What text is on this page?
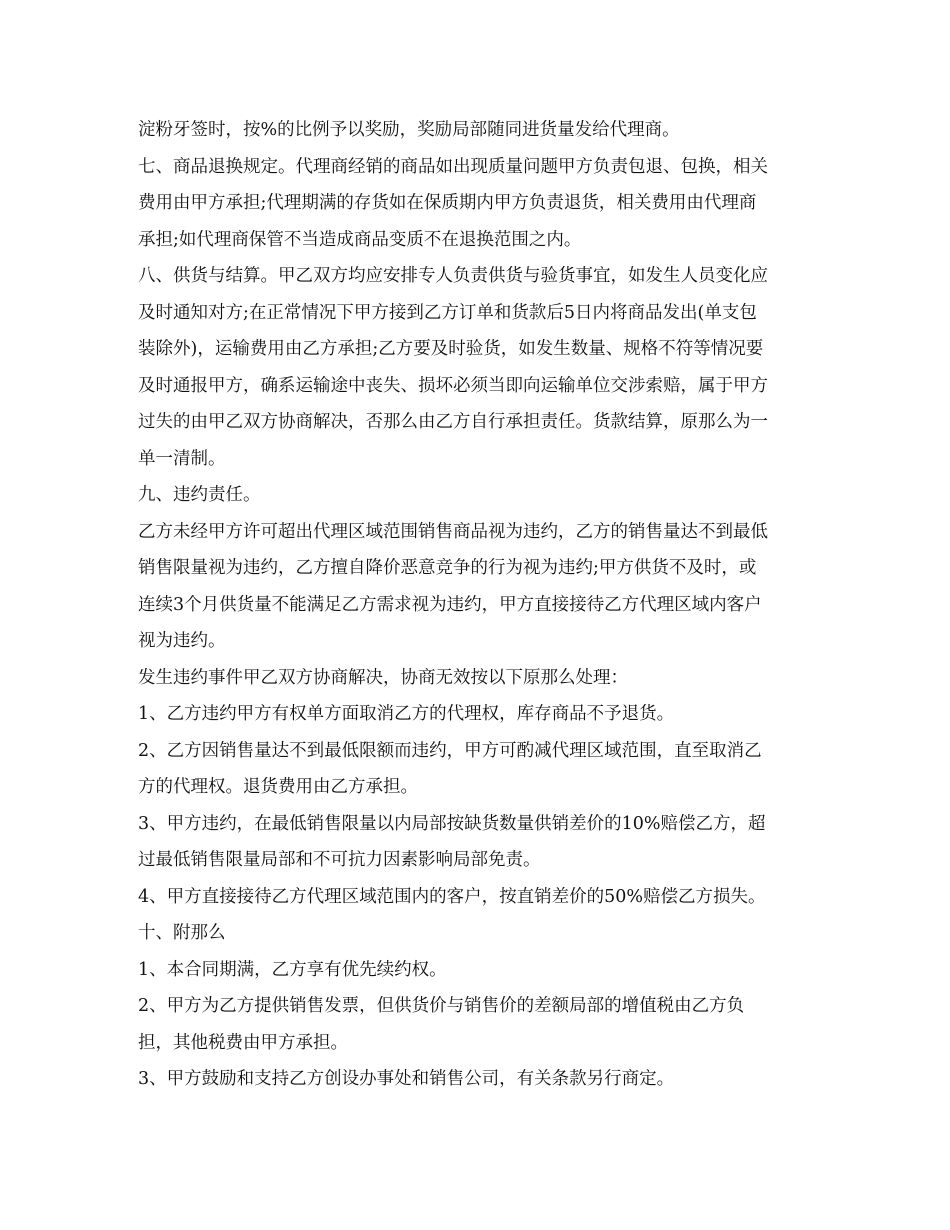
淀粉牙签时，按%的比例予以奖励，奖励局部随同进货量发给代理商。
七、商品退换规定。代理商经销的商品如出现质量问题甲方负责包退、包换，相关
费用由甲方承担;代理期满的存货如在保质期内甲方负责退货，相关费用由代理商
承担;如代理商保管不当造成商品变质不在退换范围之内。
八、供货与结算。甲乙双方均应安排专人负责供货与验货事宜，如发生人员变化应
及时通知对方;在正常情况下甲方接到乙方订单和货款后5日内将商品发出(单支包
装除外)，运输费用由乙方承担;乙方要及时验货，如发生数量、规格不符等情况要
及时通报甲方，确系运输途中丧失、损坏必须当即向运输单位交涉索赔，属于甲方
过失的由甲乙双方协商解决，否那么由乙方自行承担责任。货款结算，原那么为一
单一清制。
九、违约责任。
乙方未经甲方许可超出代理区域范围销售商品视为违约，乙方的销售量达不到最低
销售限量视为违约，乙方擅自降价恶意竞争的行为视为违约;甲方供货不及时，或
连续3个月供货量不能满足乙方需求视为违约，甲方直接接待乙方代理区域内客户
视为违约。
发生违约事件甲乙双方协商解决，协商无效按以下原那么处理：
1、乙方违约甲方有权单方面取消乙方的代理权，库存商品不予退货。
2、乙方因销售量达不到最低限额而违约，甲方可酌减代理区域范围，直至取消乙
方的代理权。退货费用由乙方承担。
3、甲方违约，在最低销售限量以内局部按缺货数量供销差价的10%赔偿乙方，超
过最低销售限量局部和不可抗力因素影响局部免责。
4、甲方直接接待乙方代理区域范围内的客户，按直销差价的50%赔偿乙方损失。
十、附那么
1、本合同期满，乙方享有优先续约权。
2、甲方为乙方提供销售发票，但供货价与销售价的差额局部的增值税由乙方负
担，其他税费由甲方承担。
3、甲方鼓励和支持乙方创设办事处和销售公司，有关条款另行商定。
